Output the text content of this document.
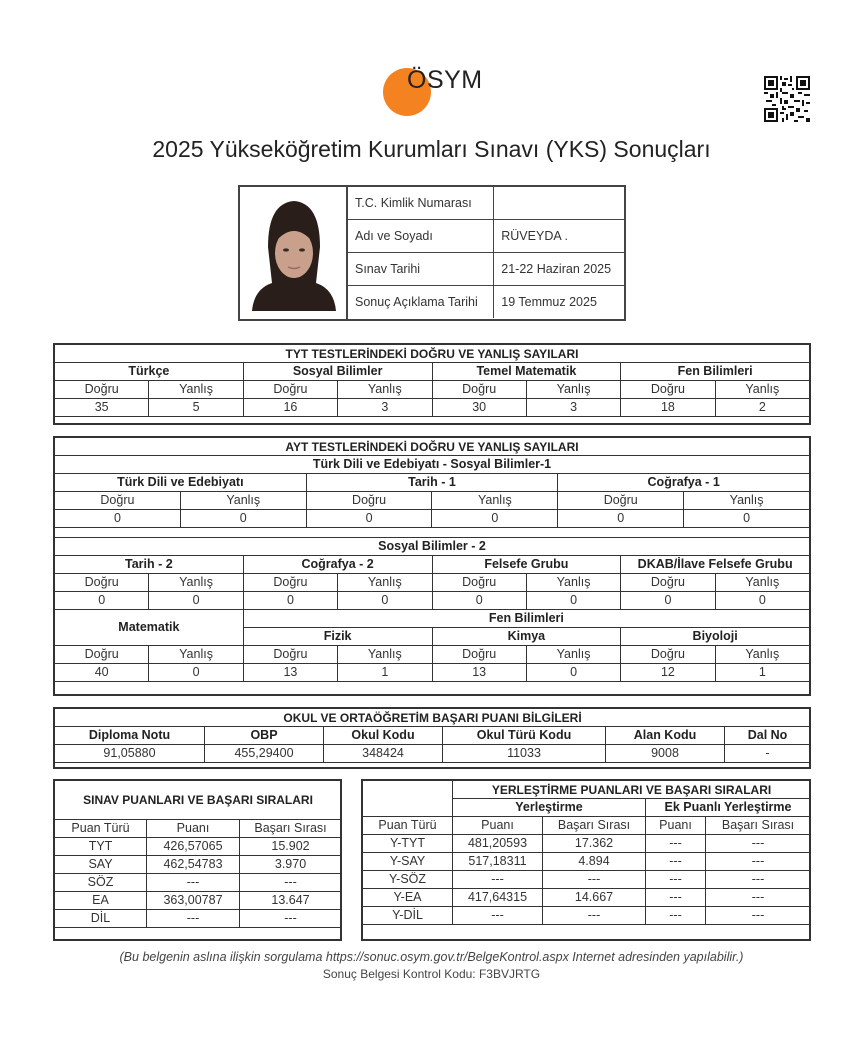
ÖSYM
2025 Yükseköğretim Kurumları Sınavı (YKS) Sonuçları
T.C. Kimlik Numarası	
Adı ve Soyadı	RÜVEYDA .
Sınav Tarihi	21-22 Haziran 2025
Sonuç Açıklama Tarihi	19 Temmuz 2025
TYT TESTLERİNDEKİ DOĞRU VE YANLIŞ SAYILARI							
Türkçe		Sosyal Bilimler		Temel Matematik		Fen Bilimleri	
Doğru	Yanlış	Doğru	Yanlış	Doğru	Yanlış	Doğru	Yanlış
35	5	16	3	30	3	18	2
AYT TESTLERİNDEKİ DOĞRU VE YANLIŞ SAYILARI					
Türk Dili ve Edebiyatı - Sosyal Bilimler-1					
Türk Dili ve Edebiyatı		Tarih - 1		Coğrafya - 1	
Doğru	Yanlış	Doğru	Yanlış	Doğru	Yanlış
0	0	0	0	0	0
Sosyal Bilimler - 2							
Tarih - 2		Coğrafya - 2		Felsefe Grubu		DKAB/İlave Felsefe Grubu	
Doğru	Yanlış	Doğru	Yanlış	Doğru	Yanlış	Doğru	Yanlış
0	0	0	0	0	0	0	0
Matematik		Fen Bilimleri					
		Fizik		Kimya		Biyoloji	
Doğru	Yanlış	Doğru	Yanlış	Doğru	Yanlış	Doğru	Yanlış
40	0	13	1	13	0	12	1
OKUL VE ORTAÖĞRETİM BAŞARI PUANI BİLGİLERİ					
Diploma Notu	OBP	Okul Kodu	Okul Türü Kodu	Alan Kodu	Dal No
91,05880	455,29400	348424	11033	9008	-
SINAV PUANLARI VE BAŞARI SIRALARI		
Puan Türü	Puanı	Başarı Sırası
TYT	426,57065	15.902
SAY	462,54783	3.970
SÖZ	---	---
EA	363,00787	13.647
DİL	---	---
	YERLEŞTİRME PUANLARI VE BAŞARI SIRALARI			
	Yerleştirme		Ek Puanlı Yerleştirme	
Puan Türü	Puanı	Başarı Sırası	Puanı	Başarı Sırası
Y-TYT	481,20593	17.362	---	---
Y-SAY	517,18311	4.894	---	---
Y-SÖZ	---	---	---	---
Y-EA	417,64315	14.667	---	---
Y-DİL	---	---	---	---
(Bu belgenin aslına ilişkin sorgulama https://sonuc.osym.gov.tr/BelgeKontrol.aspx Internet adresinden yapılabilir.)
Sonuç Belgesi Kontrol Kodu: F3BVJRTG
